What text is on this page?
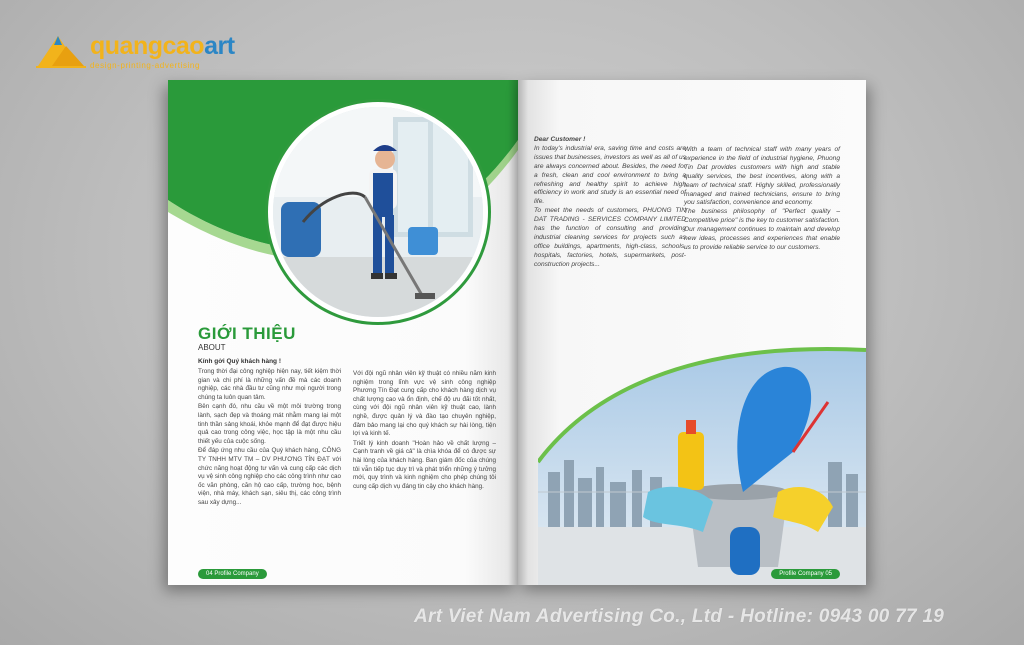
quangcaoart
design-printing-advertising
GIỚI THIỆU
ABOUT
Kính gởi Quý khách hàng !

Trong thời đại công nghiệp hiện nay, tiết kiệm thời gian và chi phí là những vấn đề mà các doanh nghiệp, các nhà đầu tư cũng như mọi người trong chúng ta luôn quan tâm.

Bên cạnh đó, nhu cầu về một môi trường trong lành, sạch đẹp và thoáng mát nhằm mang lại một tinh thần sảng khoái, khỏe mạnh để đạt được hiệu quả cao trong công việc, học tập là một nhu cầu thiết yếu của cuộc sống.

Để đáp ứng nhu cầu của Quý khách hàng, CÔNG TY TNHH MTV TM – DV PHƯƠNG TÍN ĐẠT với chức năng hoạt động tư vấn và cung cấp các dịch vụ vệ sinh công nghiệp cho các công trình như cao ốc văn phòng, căn hộ cao cấp, trường học, bệnh viện, nhà máy, khách sạn, siêu thị, các công trình sau xây dựng...

Với đội ngũ nhân viên kỹ thuật có nhiều năm kinh nghiệm trong lĩnh vực vệ sinh công nghiệp Phương Tín Đạt cung cấp cho khách hàng dịch vụ chất lượng cao và ổn định, chế độ ưu đãi tốt nhất, cùng với đội ngũ nhân viên kỹ thuật cao, lành nghề, được quản lý và đào tạo chuyên nghiệp, đảm bảo mang lại cho quý khách sự hài lòng, tiện lợi và kinh tế.

Triết lý kinh doanh "Hoàn hảo về chất lượng – Cạnh tranh về giá cả" là chìa khóa để có được sự hài lòng của khách hàng. Ban giám đốc của chúng tôi vẫn tiếp tục duy trì và phát triển những ý tưởng mới, quy trình và kinh nghiệm cho phép chúng tôi cung cấp dịch vụ đáng tin cậy cho khách hàng.

04 Profile Company

Dear Customer !

In today's industrial era, saving time and costs are issues that businesses, investors as well as all of us are always concerned about. Besides, the need for a fresh, clean and cool environment to bring a refreshing and healthy spirit to achieve high efficiency in work and study is an essential need of life.

To meet the needs of customers, PHUONG TIN DAT TRADING - SERVICES COMPANY LIMITED has the function of consulting and providing industrial cleaning services for projects such as office buildings, apartments, high-class, schools, hospitals, factories, hotels, supermarkets, post-construction projects...

With a team of technical staff with many years of experience in the field of industrial hygiene, Phuong Tin Dat provides customers with high and stable quality services, the best incentives, along with a team of technical staff. Highly skilled, professionally managed and trained technicians, ensure to bring you satisfaction, convenience and economy.

The business philosophy of "Perfect quality – Competitive price" is the key to customer satisfaction. Our management continues to maintain and develop new ideas, processes and experiences that enable us to provide reliable service to our customers.

Profile Company 05
Art Viet Nam Advertising Co., Ltd - Hotline: 0943 00 77 19
